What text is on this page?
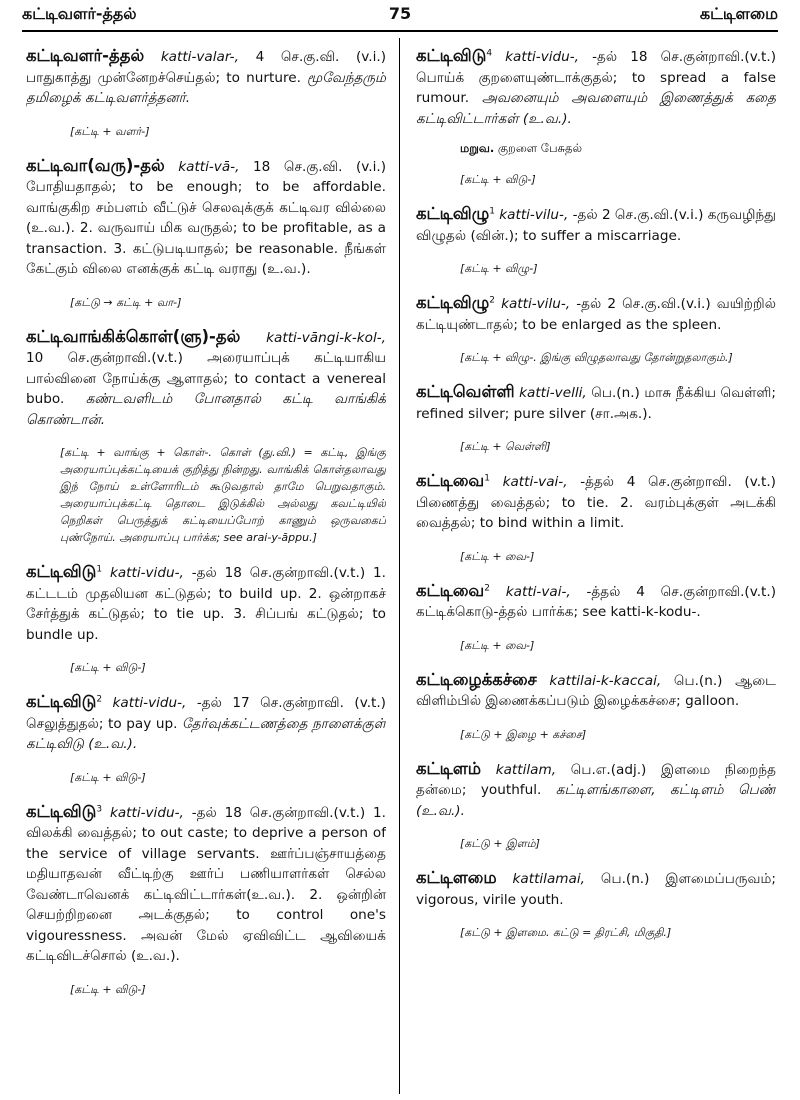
கட்டிவளர்-த்தல்	75	கட்டிளமை
கட்டிவளர்-த்தல் katti-valar-, 4 செ.கு.வி. (v.i.) பாதுகாத்து முன்னேறச்செய்தல்; to nurture. மூவேந்தரும் தமிழைக் கட்டிவளர்த்தனர்.
[கட்டி + வளர்-]
கட்டிவா(வரு)-தல் katti-vā-, 18 செ.கு.வி. (v.i.) போதியதாதல்; to be enough; to be affordable. வாங்குகிற சம்பளம் வீட்டுச் செலவுக்குக் கட்டிவர வில்லை (உ.வ.). 2. வருவாய் மிக வருதல்; to be profitable, as a transaction. 3. கட்டுபடியாதல்; be reasonable. நீங்கள் கேட்கும் விலை எனக்குக் கட்டி வராது (உ.வ.).
[கட்டு → கட்டி + வா-]
கட்டிவாங்கிக்கொள்(ளு)-தல் katti-vāngi-k-kol-, 10 செ.குன்றாவி.(v.t.) அரையாப்புக் கட்டியாகிய பால்வினை நோய்க்கு ஆளாதல்; to contact a venereal bubo. கண்டவளிடம் போனதால் கட்டி வாங்கிக் கொண்டான்.
[கட்டி + வாங்கு + கொள்-. கொள் (து.வி.) = கட்டி, இங்கு அரையாப்புக்கட்டியைக் குறித்து நின்றது. வாங்கிக் கொள்தலாவது இந் நோய் உள்ளோரிடம் கூடுவதால் தாமே பெறுவதாகும். அரையாப்புக்கட்டி தொடை இடுக்கில் அல்லது கவட்டியில் நெறிகள் பெருத்துக் கட்டியைப்போற் காணும் ஒருவகைப் புண்நோய். அரையாப்பு பார்க்க; see arai-y-āppu.]
கட்டிவிடு$^1$ katti-vidu-, -தல் 18 செ.குன்றாவி.(v.t.) 1. கட்டடம் முதலியன கட்டுதல்; to build up. 2. ஒன்றாகச் சேர்த்துக் கட்டுதல்; to tie up. 3. சிப்பங் கட்டுதல்; to bundle up.
[கட்டி + விடு-]
கட்டிவிடு$^2$ katti-vidu-, -தல் 17 செ.குன்றாவி. (v.t.) செலுத்துதல்; to pay up. தேர்வுக்கட்டணத்தை நாளைக்குள் கட்டிவிடு (உ.வ.).
[கட்டி + விடு-]
கட்டிவிடு$^3$ katti-vidu-, -தல் 18 செ.குன்றாவி.(v.t.) 1. விலக்கி வைத்தல்; to out caste; to deprive a person of the service of village servants. ஊர்ப்பஞ்சாயத்தை மதியாதவன் வீட்டிற்கு ஊர்ப் பணியாளர்கள் செல்ல வேண்டாவெனக் கட்டிவிட்டார்கள்(உ.வ.). 2. ஒன்றின் செயற்றிறனை அடக்குதல்; to control one's vigouressness. அவன் மேல் ஏவிவிட்ட ஆவியைக் கட்டிவிடச்சொல் (உ.வ.).
[கட்டி + விடு-]
கட்டிவிடு$^4$ katti-vidu-, -தல் 18 செ.குன்றாவி.(v.t.) பொய்க் குறளையுண்டாக்குதல்; to spread a false rumour. அவனையும் அவளையும் இணைத்துக் கதை கட்டிவிட்டார்கள் (உ.வ.).
மறுவ. குறளை பேசுதல்
[கட்டி + விடு-]
கட்டிவிழு$^1$ katti-vilu-, -தல் 2 செ.கு.வி.(v.i.) கருவழிந்து விழுதல் (வின்.); to suffer a miscarriage.
[கட்டி + விழு-]
கட்டிவிழு$^2$ katti-vilu-, -தல் 2 செ.கு.வி.(v.i.) வயிற்றில் கட்டியுண்டாதல்; to be enlarged as the spleen.
[கட்டி + விழு-. இங்கு விழுதலாவது தோன்றுதலாகும்.]
கட்டிவெள்ளி katti-velli, பெ.(n.) மாசு நீக்கிய வெள்ளி; refined silver; pure silver (சா.அக.).
[கட்டி + வெள்ளி]
கட்டிவை$^1$ katti-vai-, -த்தல் 4 செ.குன்றாவி. (v.t.) பிணைத்து வைத்தல்; to tie. 2. வரம்புக்குள் அடக்கி வைத்தல்; to bind within a limit.
[கட்டி + வை-]
கட்டிவை$^2$ katti-vai-, -த்தல் 4 செ.குன்றாவி.(v.t.) கட்டிக்கொடு-த்தல் பார்க்க; see katti-k-kodu-.
[கட்டி + வை-]
கட்டிழைக்கச்சை kattilai-k-kaccai, பெ.(n.) ஆடை விளிம்பில் இணைக்கப்படும் இழைக்கச்சை; galloon.
[கட்டு + இழை + கச்சை]
கட்டிளம் kattilam, பெ.எ.(adj.) இளமை நிறைந்த தன்மை; youthful. கட்டிளங்காளை, கட்டிளம் பெண் (உ.வ.).
[கட்டு + இளம்]
கட்டிளமை kattilamai, பெ.(n.) இளமைப்பருவம்; vigorous, virile youth.
[கட்டு + இளமை. கட்டு = திரட்சி, மிகுதி.]
